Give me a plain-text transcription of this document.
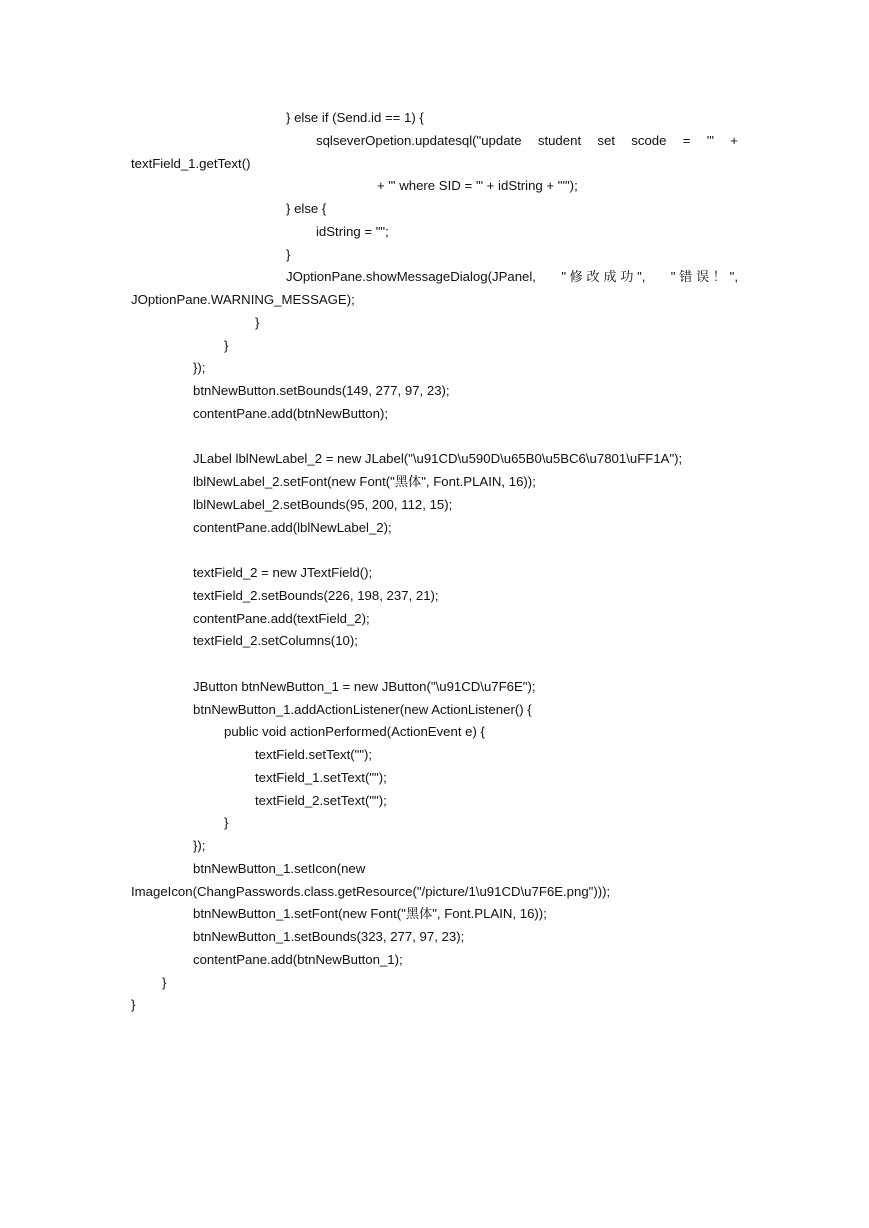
} else if (Send.id == 1) {
sqlseverOpetion.updatesql("update student set scode = '" +
textField_1.getText()
+ "' where SID = '" + idString + "'");
} else {
idString = "";
}
JOptionPane.showMessageDialog(JPanel, " 修 改 成 功 ", " 错 误 ！ ",
JOptionPane.WARNING_MESSAGE);
}
}
});
btnNewButton.setBounds(149, 277, 97, 23);
contentPane.add(btnNewButton);
JLabel lblNewLabel_2 = new JLabel("\u91CD\u590D\u65B0\u5BC6\u7801\uFF1A");
lblNewLabel_2.setFont(new Font("黑体", Font.PLAIN, 16));
lblNewLabel_2.setBounds(95, 200, 112, 15);
contentPane.add(lblNewLabel_2);
textField_2 = new JTextField();
textField_2.setBounds(226, 198, 237, 21);
contentPane.add(textField_2);
textField_2.setColumns(10);
JButton btnNewButton_1 = new JButton("\u91CD\u7F6E");
btnNewButton_1.addActionListener(new ActionListener() {
public void actionPerformed(ActionEvent e) {
textField.setText("");
textField_1.setText("");
textField_2.setText("");
}
});
btnNewButton_1.setIcon(new
ImageIcon(ChangPasswords.class.getResource("/picture/1\u91CD\u7F6E.png")));
btnNewButton_1.setFont(new Font("黑体", Font.PLAIN, 16));
btnNewButton_1.setBounds(323, 277, 97, 23);
contentPane.add(btnNewButton_1);
}
}
